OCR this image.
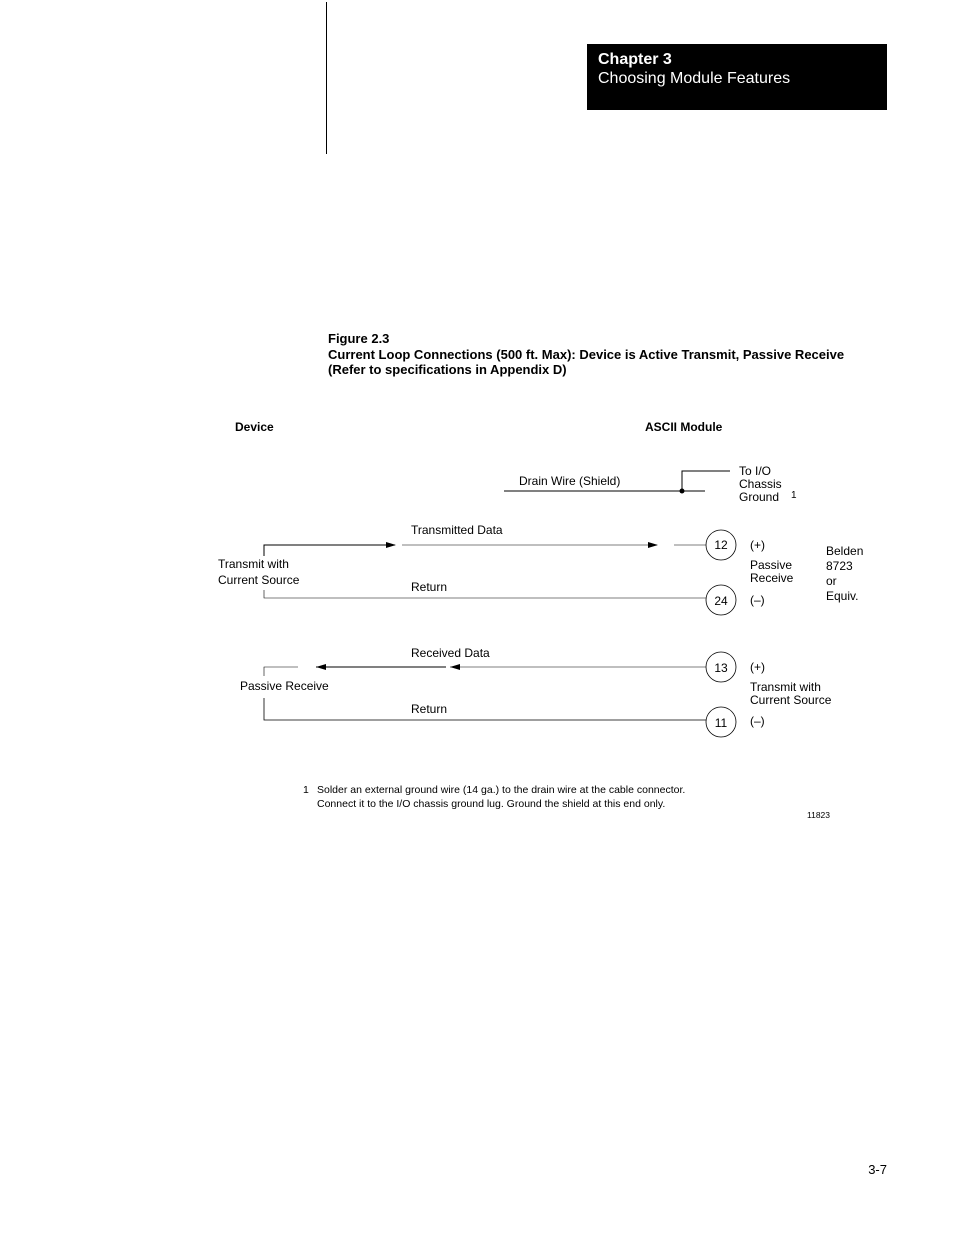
Chapter 3
Choosing Module Features
Figure 2.3
Current Loop Connections (500 ft. Max): Device is Active Transmit, Passive Receive
(Refer to specifications in Appendix D)
Device	ASCII Module
Drain Wire (Shield)
To I/O Chassis Ground	1
Transmitted Data
Transmit with Current Source	Return
12
24
(+)
Passive Receive
(–)
Belden 8723 or Equiv.
Received Data
Passive Receive
Return
13
11
(+)
Transmit with Current Source
(–)
11823
1 Solder an external ground wire (14 ga.) to the drain wire at the cable connector.
Connect it to the I/O chassis ground lug. Ground the shield at this end only.
3-7
